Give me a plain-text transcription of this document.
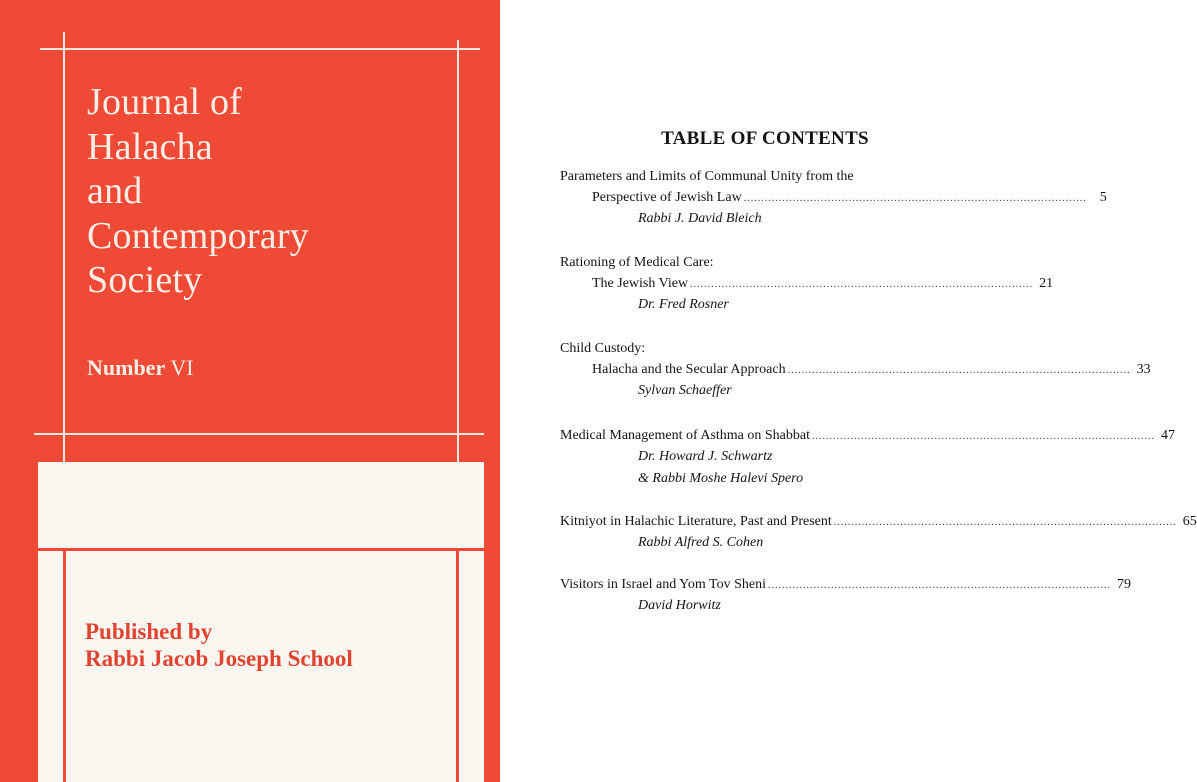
Journal of
Halacha
and
Contemporary
Society
Number VI
Published by
Rabbi Jacob Joseph School
TABLE OF CONTENTS
Parameters and Limits of Communal Unity from the
Perspective of Jewish Law .................................................................................................. 5
Rabbi J. David Bleich
Rationing of Medical Care:
The Jewish View .................................................................................................. 21
Dr. Fred Rosner
Child Custody:
Halacha and the Secular Approach .................................................................................................. 33
Sylvan Schaeffer
Medical Management of Asthma on Shabbat .................................................................................................. 47
Dr. Howard J. Schwartz
& Rabbi Moshe Halevi Spero
Kitniyot in Halachic Literature, Past and Present .................................................................................................. 65
Rabbi Alfred S. Cohen
Visitors in Israel and Yom Tov Sheni .................................................................................................. 79
David Horwitz
